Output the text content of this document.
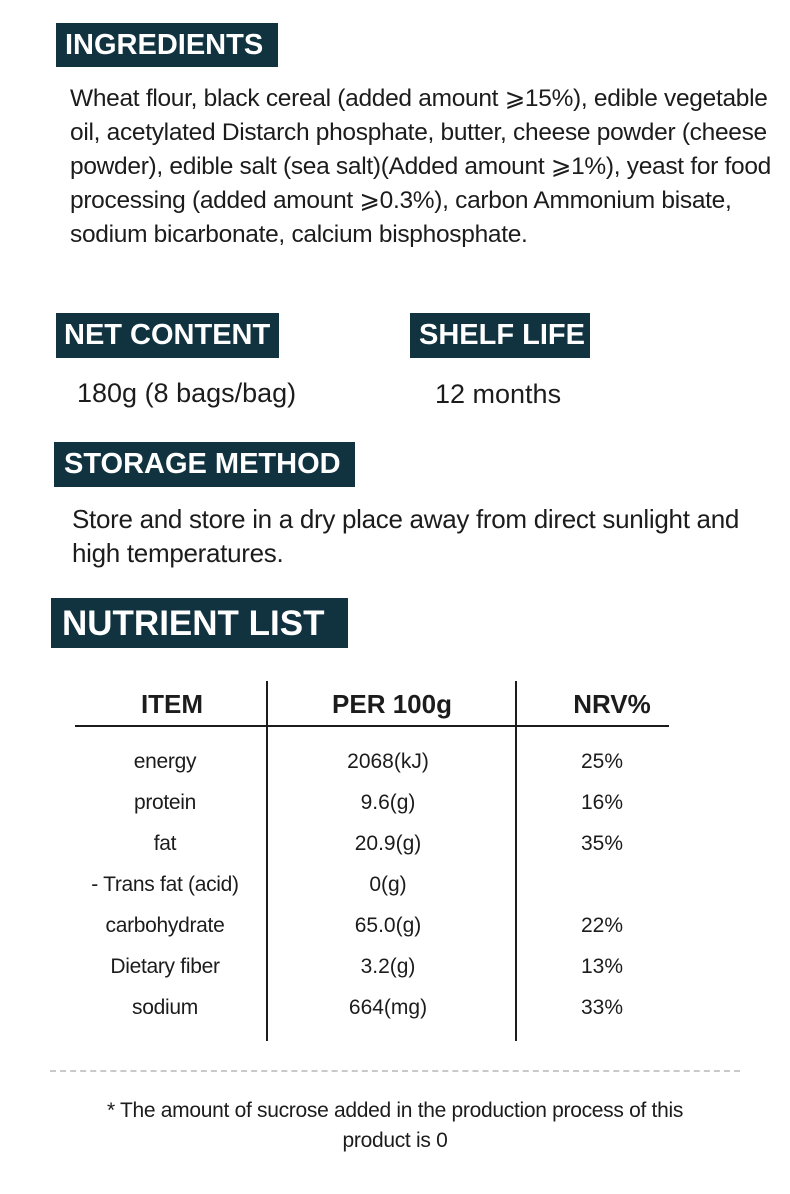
INGREDIENTS

Wheat flour, black cereal (added amount ⩾15%), edible vegetable oil, acetylated Distarch phosphate, butter, cheese powder (cheese powder), edible salt (sea salt)(Added amount ⩾1%), yeast for food processing (added amount ⩾0.3%), carbon Ammonium bisate, sodium bicarbonate, calcium bisphosphate.

NET CONTENT	SHELF LIFE
180g (8 bags/bag)	12 months
STORAGE METHOD

Store and store in a dry place away from direct sunlight and high temperatures.

NUTRIENT LIST
ITEM	PER 100g	NRV%
energy	2068(kJ)	25%
protein	9.6(g)	16%
fat	20.9(g)	35%
- Trans fat (acid)	0(g)
carbohydrate	65.0(g)	22%
Dietary fiber	3.2(g)	13%
sodium	664(mg)	33%

* The amount of sucrose added in the production process of this product is 0
